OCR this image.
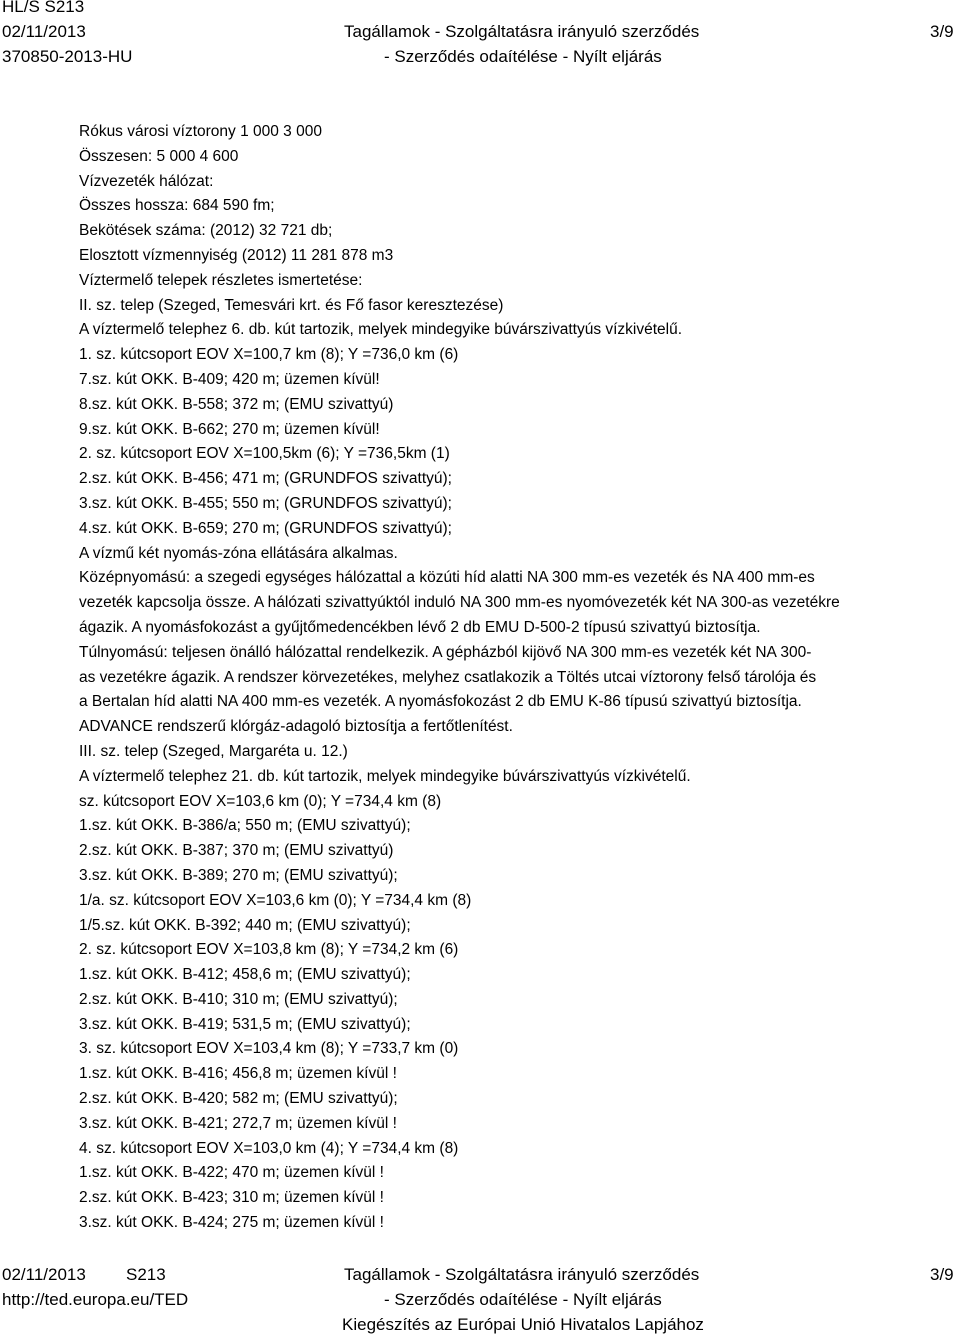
HL/S S213
02/11/2013
370850-2013-HU
Tagállamok - Szolgáltatásra irányuló szerződés
- Szerződés odaítélése - Nyílt eljárás
3/9
Rókus városi víztorony 1 000 3 000
Összesen: 5 000 4 600
Vízvezeték hálózat:
Összes hossza: 684 590 fm;
Bekötések száma: (2012) 32 721 db;
Elosztott vízmennyiség (2012) 11 281 878 m3
Víztermelő telepek részletes ismertetése:
II. sz. telep (Szeged, Temesvári krt. és Fő fasor keresztezése)
A víztermelő telephez 6. db. kút tartozik, melyek mindegyike búvárszivattyús vízkivételű.
1. sz. kútcsoport EOV X=100,7 km (8); Y =736,0 km (6)
7.sz. kút OKK. B-409; 420 m; üzemen kívül!
8.sz. kút OKK. B-558; 372 m; (EMU szivattyú)
9.sz. kút OKK. B-662; 270 m; üzemen kívül!
2. sz. kútcsoport EOV X=100,5km (6); Y =736,5km (1)
2.sz. kút OKK. B-456; 471 m; (GRUNDFOS szivattyú);
3.sz. kút OKK. B-455; 550 m; (GRUNDFOS szivattyú);
4.sz. kút OKK. B-659; 270 m; (GRUNDFOS szivattyú);
A vízmű két nyomás-zóna ellátására alkalmas.
Középnyomású: a szegedi egységes hálózattal a közúti híd alatti NA 300 mm-es vezeték és NA 400 mm-es
vezeték kapcsolja össze. A hálózati szivattyúktól induló NA 300 mm-es nyomóvezeték két NA 300-as vezetékre
ágazik. A nyomásfokozást a gyűjtőmedencékben lévő 2 db EMU D-500-2 típusú szivattyú biztosítja.
Túlnyomású: teljesen önálló hálózattal rendelkezik. A gépházból kijövő NA 300 mm-es vezeték két NA 300-
as vezetékre ágazik. A rendszer körvezetékes, melyhez csatlakozik a Töltés utcai víztorony felső tárolója és
a Bertalan híd alatti NA 400 mm-es vezeték. A nyomásfokozást 2 db EMU K-86 típusú szivattyú biztosítja.
ADVANCE rendszerű klórgáz-adagoló biztosítja a fertőtlenítést.
III. sz. telep (Szeged, Margaréta u. 12.)
A víztermelő telephez 21. db. kút tartozik, melyek mindegyike búvárszivattyús vízkivételű.
sz. kútcsoport EOV X=103,6 km (0); Y =734,4 km (8)
1.sz. kút OKK. B-386/a; 550 m; (EMU szivattyú);
2.sz. kút OKK. B-387; 370 m; (EMU szivattyú)
3.sz. kút OKK. B-389; 270 m; (EMU szivattyú);
1/a. sz. kútcsoport EOV X=103,6 km (0); Y =734,4 km (8)
1/5.sz. kút OKK. B-392; 440 m; (EMU szivattyú);
2. sz. kútcsoport EOV X=103,8 km (8); Y =734,2 km (6)
1.sz. kút OKK. B-412; 458,6 m; (EMU szivattyú);
2.sz. kút OKK. B-410; 310 m; (EMU szivattyú);
3.sz. kút OKK. B-419; 531,5 m; (EMU szivattyú);
3. sz. kútcsoport EOV X=103,4 km (8); Y =733,7 km (0)
1.sz. kút OKK. B-416; 456,8 m; üzemen kívül !
2.sz. kút OKK. B-420; 582 m; (EMU szivattyú);
3.sz. kút OKK. B-421; 272,7 m; üzemen kívül !
4. sz. kútcsoport EOV X=103,0 km (4); Y =734,4 km (8)
1.sz. kút OKK. B-422; 470 m; üzemen kívül !
2.sz. kút OKK. B-423; 310 m; üzemen kívül !
3.sz. kút OKK. B-424; 275 m; üzemen kívül !
02/11/2013 S213
http://ted.europa.eu/TED
Tagállamok - Szolgáltatásra irányuló szerződés
- Szerződés odaítélése - Nyílt eljárás
Kiegészítés az Európai Unió Hivatalos Lapjához
3/9
